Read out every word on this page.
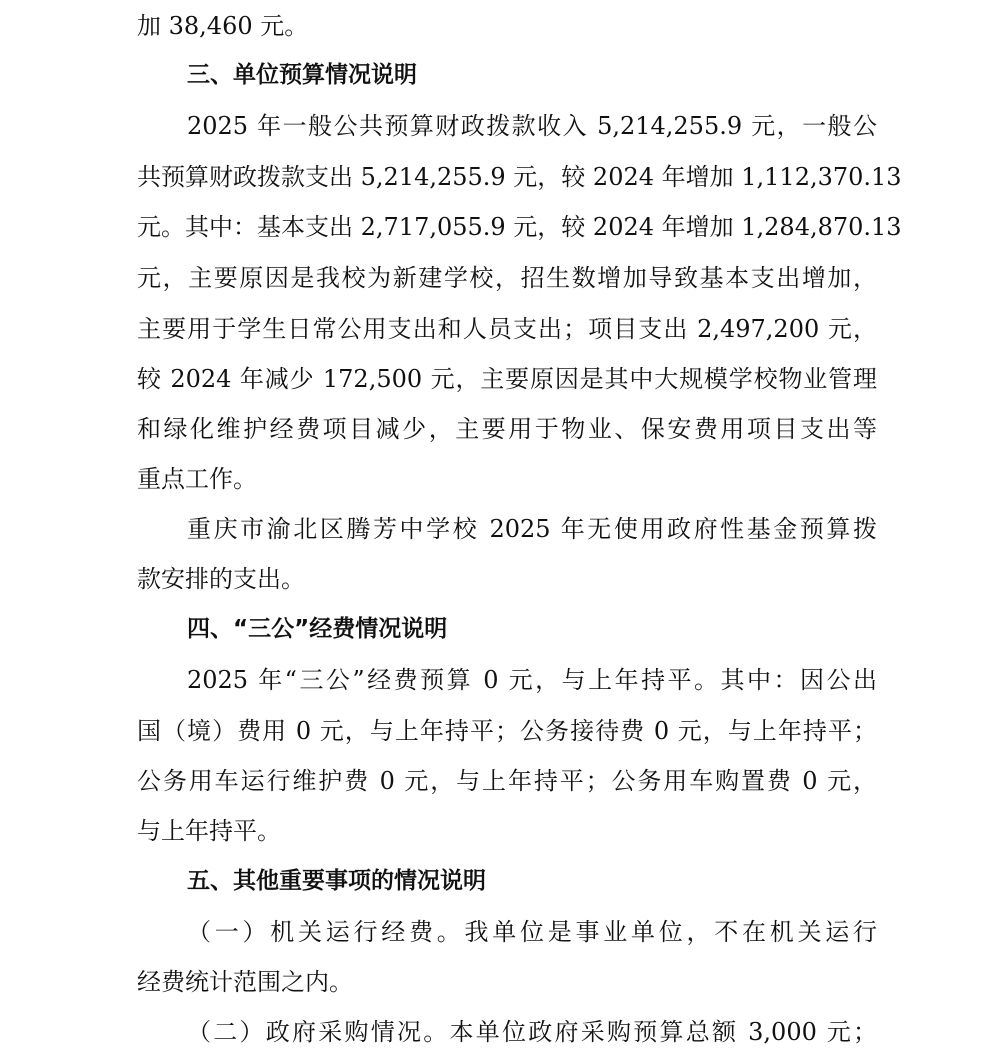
加 38,460 元。
三、单位预算情况说明
2025 年一般公共预算财政拨款收入 5,214,255.9 元，一般公
共预算财政拨款支出 5,214,255.9 元，较 2024 年增加 1,112,370.13
元。其中：基本支出 2,717,055.9 元，较 2024 年增加 1,284,870.13
元，主要原因是我校为新建学校，招生数增加导致基本支出增加，
主要用于学生日常公用支出和人员支出；项目支出 2,497,200 元，
较 2024 年减少 172,500 元，主要原因是其中大规模学校物业管理
和绿化维护经费项目减少，主要用于物业、保安费用项目支出等
重点工作。
重庆市渝北区腾芳中学校 2025 年无使用政府性基金预算拨
款安排的支出。
四、“三公”经费情况说明
2025 年“三公”经费预算 0 元，与上年持平。其中：因公出
国（境）费用 0 元，与上年持平；公务接待费 0 元，与上年持平；
公务用车运行维护费 0 元，与上年持平；公务用车购置费 0 元，
与上年持平。
五、其他重要事项的情况说明
（一）机关运行经费。我单位是事业单位，不在机关运行
经费统计范围之内。
（二）政府采购情况。本单位政府采购预算总额 3,000 元；
